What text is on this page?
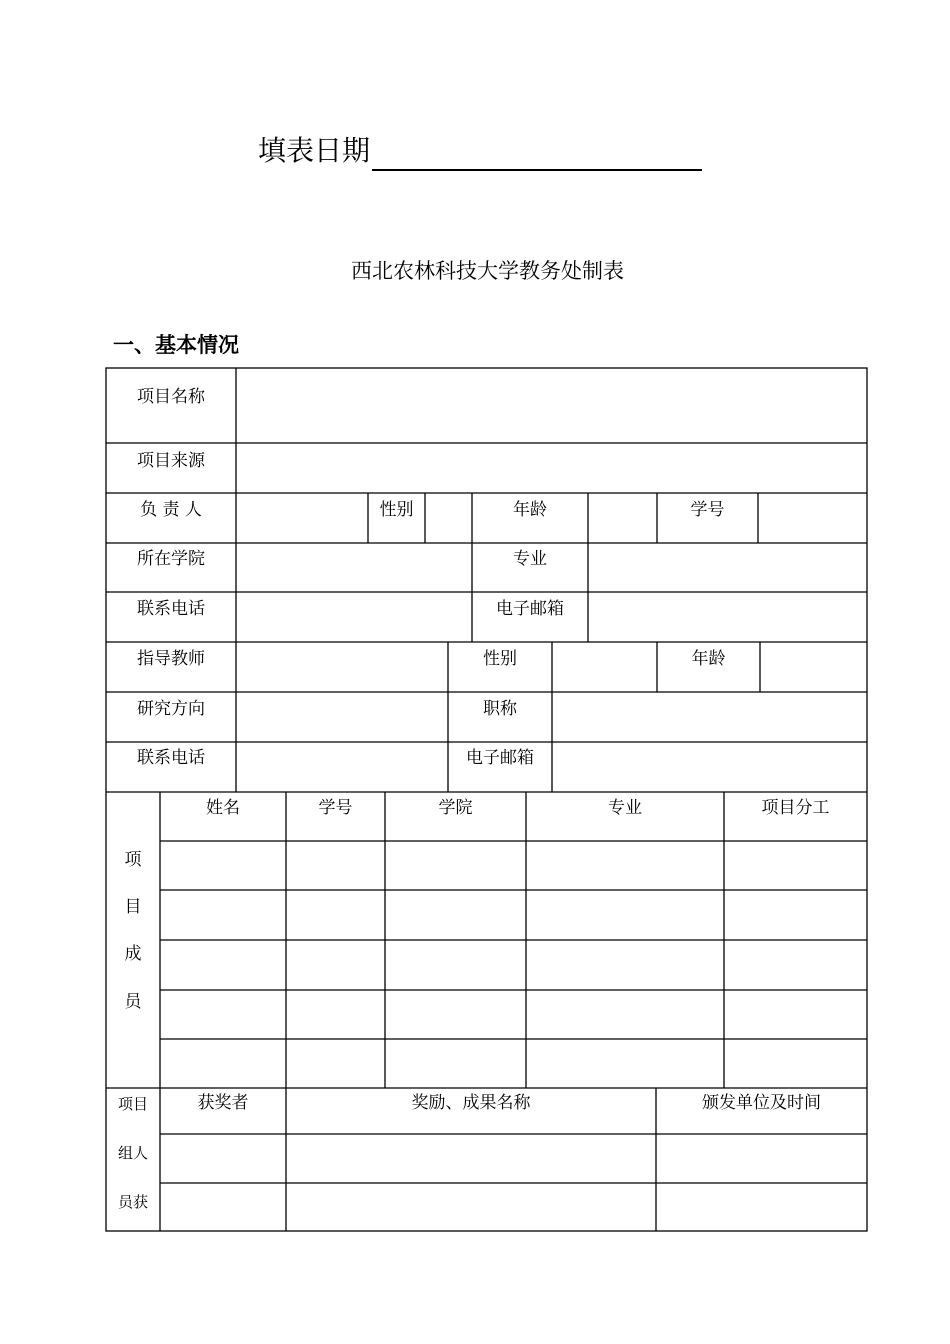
填表日期
西北农林科技大学教务处制表
一、基本情况
项目名称
项目来源
负 责 人	性别	年龄	学号
所在学院	专业
联系电话	电子邮箱
指导教师	性别	年龄
研究方向	职称
联系电话	电子邮箱
项
目
成
员
姓名	学号	学院	专业	项目分工
项目
组人
员获
获奖者	奖励、成果名称	颁发单位及时间
